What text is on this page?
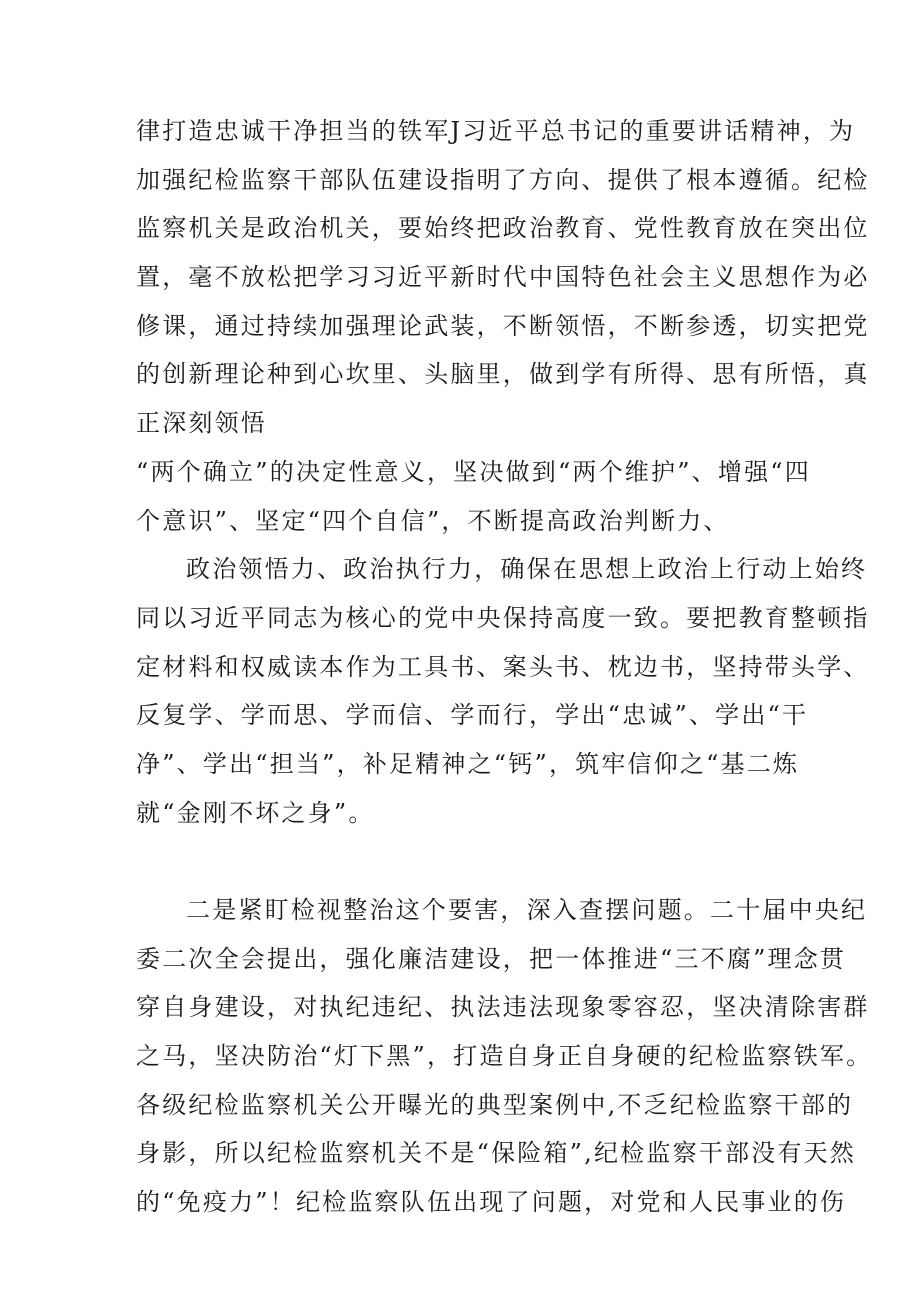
律打造忠诚干净担当的铁军J习近平总书记的重要讲话精神，为
加强纪检监察干部队伍建设指明了方向、提供了根本遵循。纪检
监察机关是政治机关，要始终把政治教育、党性教育放在突出位
置，毫不放松把学习习近平新时代中国特色社会主义思想作为必
修课，通过持续加强理论武装，不断领悟，不断参透，切实把党
的创新理论种到心坎里、头脑里，做到学有所得、思有所悟，真
正深刻领悟
“两个确立”的决定性意义，坚决做到“两个维护”、增强“四
个意识”、坚定“四个自信”，不断提高政治判断力、
政治领悟力、政治执行力，确保在思想上政治上行动上始终
同以习近平同志为核心的党中央保持高度一致。要把教育整顿指
定材料和权威读本作为工具书、案头书、枕边书，坚持带头学、
反复学、学而思、学而信、学而行，学出“忠诚”、学出“干
净”、学出“担当”，补足精神之“钙”，筑牢信仰之“基二炼
就“金刚不坏之身”。
二是紧盯检视整治这个要害，深入查摆问题。二十届中央纪
委二次全会提出，强化廉洁建设，把一体推进“三不腐”理念贯
穿自身建设，对执纪违纪、执法违法现象零容忍，坚决清除害群
之马，坚决防治“灯下黑”，打造自身正自身硬的纪检监察铁军。
各级纪检监察机关公开曝光的典型案例中,不乏纪检监察干部的
身影，所以纪检监察机关不是“保险箱”,纪检监察干部没有天然
的“免疫力”！纪检监察队伍出现了问题，对党和人民事业的伤
